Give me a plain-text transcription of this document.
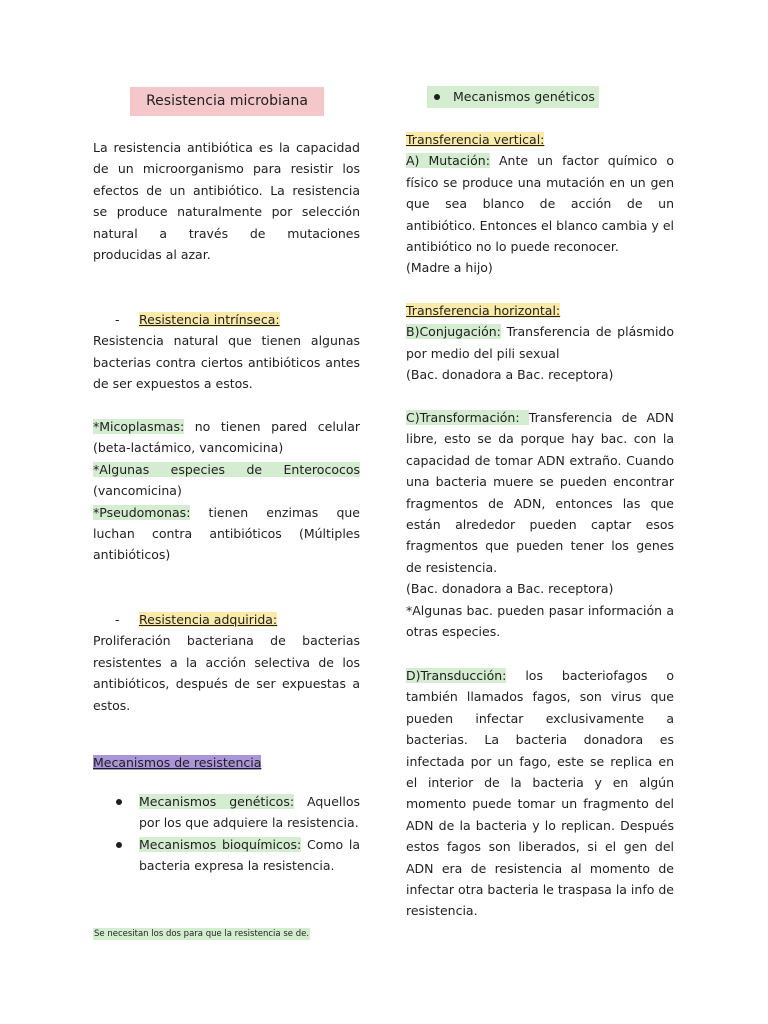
Resistencia microbiana

La resistencia antibiótica es la capacidad de un microorganismo para resistir los efectos de un antibiótico. La resistencia se produce naturalmente por selección natural a través de mutaciones producidas al azar.

- Resistencia intrínseca:

Resistencia natural que tienen algunas bacterias contra ciertos antibióticos antes de ser expuestos a estos.

*Micoplasmas: no tienen pared celular (beta-lactámico, vancomicina)

*Algunas especies de Enterococos (vancomicina)

*Pseudomonas: tienen enzimas que luchan contra antibióticos (Múltiples antibióticos)

- Resistencia adquirida:

Proliferación bacteriana de bacterias resistentes a la acción selectiva de los antibióticos, después de ser expuestas a estos.

Mecanismos de resistencia

Mecanismos genéticos: Aquellos por los que adquiere la resistencia.

Mecanismos bioquímicos: Como la bacteria expresa la resistencia.

Se necesitan los dos para que la resistencia se de.
Mecanismos genéticos
Transferencia vertical:

A) Mutación: Ante un factor químico o físico se produce una mutación en un gen que sea blanco de acción de un antibiótico. Entonces el blanco cambia y el antibiótico no lo puede reconocer.

(Madre a hijo)

Transferencia horizontal:

B)Conjugación: Transferencia de plásmido por medio del pili sexual

(Bac. donadora a Bac. receptora)

C)Transformación: Transferencia de ADN libre, esto se da porque hay bac. con la capacidad de tomar ADN extraño. Cuando una bacteria muere se pueden encontrar fragmentos de ADN, entonces las que están alrededor pueden captar esos fragmentos que pueden tener los genes de resistencia.

(Bac. donadora a Bac. receptora)

*Algunas bac. pueden pasar información a otras especies.

D)Transducción: los bacteriofagos o también llamados fagos, son virus que pueden infectar exclusivamente a bacterias. La bacteria donadora es infectada por un fago, este se replica en el interior de la bacteria y en algún momento puede tomar un fragmento del ADN de la bacteria y lo replican. Después estos fagos son liberados, si el gen del ADN era de resistencia al momento de infectar otra bacteria le traspasa la info de resistencia.
